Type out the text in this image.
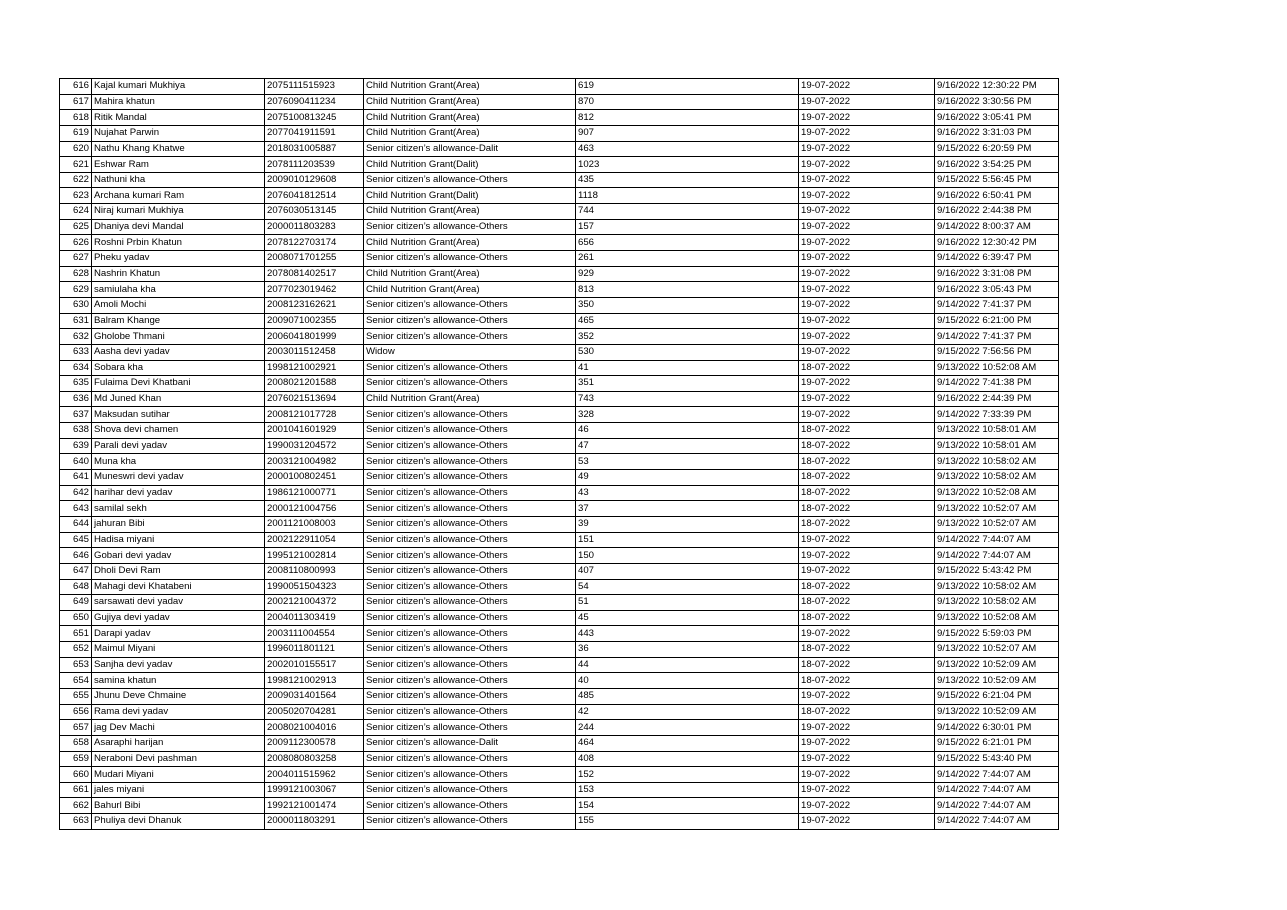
616	Kajal kumari Mukhiya	2075111515923	Child Nutrition Grant(Area)	619	19-07-2022	9/16/2022 12:30:22 PM
617	Mahira khatun	2076090411234	Child Nutrition Grant(Area)	870	19-07-2022	9/16/2022 3:30:56 PM
618	Ritik Mandal	2075100813245	Child Nutrition Grant(Area)	812	19-07-2022	9/16/2022 3:05:41 PM
619	Nujahat Parwin	2077041911591	Child Nutrition Grant(Area)	907	19-07-2022	9/16/2022 3:31:03 PM
620	Nathu Khang Khatwe	2018031005887	Senior citizen’s allowance-Dalit	463	19-07-2022	9/15/2022 6:20:59 PM
621	Eshwar Ram	2078111203539	Child Nutrition Grant(Dalit)	1023	19-07-2022	9/16/2022 3:54:25 PM
622	Nathuni kha	2009010129608	Senior citizen’s allowance-Others	435	19-07-2022	9/15/2022 5:56:45 PM
623	Archana kumari Ram	2076041812514	Child Nutrition Grant(Dalit)	1118	19-07-2022	9/16/2022 6:50:41 PM
624	Niraj kumari Mukhiya	2076030513145	Child Nutrition Grant(Area)	744	19-07-2022	9/16/2022 2:44:38 PM
625	Dhaniya devi Mandal	2000011803283	Senior citizen’s allowance-Others	157	19-07-2022	9/14/2022 8:00:37 AM
626	Roshni Prbin Khatun	2078122703174	Child Nutrition Grant(Area)	656	19-07-2022	9/16/2022 12:30:42 PM
627	Pheku yadav	2008071701255	Senior citizen’s allowance-Others	261	19-07-2022	9/14/2022 6:39:47 PM
628	Nashrin Khatun	2078081402517	Child Nutrition Grant(Area)	929	19-07-2022	9/16/2022 3:31:08 PM
629	samiulaha kha	2077023019462	Child Nutrition Grant(Area)	813	19-07-2022	9/16/2022 3:05:43 PM
630	Amoli Mochi	2008123162621	Senior citizen’s allowance-Others	350	19-07-2022	9/14/2022 7:41:37 PM
631	Balram Khange	2009071002355	Senior citizen’s allowance-Others	465	19-07-2022	9/15/2022 6:21:00 PM
632	Gholobe Thmani	2006041801999	Senior citizen’s allowance-Others	352	19-07-2022	9/14/2022 7:41:37 PM
633	Aasha devi yadav	2003011512458	Widow	530	19-07-2022	9/15/2022 7:56:56 PM
634	Sobara kha	1998121002921	Senior citizen’s allowance-Others	41	18-07-2022	9/13/2022 10:52:08 AM
635	Fulaima Devi Khatbani	2008021201588	Senior citizen’s allowance-Others	351	19-07-2022	9/14/2022 7:41:38 PM
636	Md Juned Khan	2076021513694	Child Nutrition Grant(Area)	743	19-07-2022	9/16/2022 2:44:39 PM
637	Maksudan sutihar	2008121017728	Senior citizen’s allowance-Others	328	19-07-2022	9/14/2022 7:33:39 PM
638	Shova devi chamen	2001041601929	Senior citizen’s allowance-Others	46	18-07-2022	9/13/2022 10:58:01 AM
639	Parali devi yadav	1990031204572	Senior citizen’s allowance-Others	47	18-07-2022	9/13/2022 10:58:01 AM
640	Muna kha	2003121004982	Senior citizen’s allowance-Others	53	18-07-2022	9/13/2022 10:58:02 AM
641	Muneswri devi yadav	2000100802451	Senior citizen’s allowance-Others	49	18-07-2022	9/13/2022 10:58:02 AM
642	harihar devi yadav	1986121000771	Senior citizen’s allowance-Others	43	18-07-2022	9/13/2022 10:52:08 AM
643	samilal sekh	2000121004756	Senior citizen’s allowance-Others	37	18-07-2022	9/13/2022 10:52:07 AM
644	jahuran Bibi	2001121008003	Senior citizen’s allowance-Others	39	18-07-2022	9/13/2022 10:52:07 AM
645	Hadisa miyani	2002122911054	Senior citizen’s allowance-Others	151	19-07-2022	9/14/2022 7:44:07 AM
646	Gobari devi yadav	1995121002814	Senior citizen’s allowance-Others	150	19-07-2022	9/14/2022 7:44:07 AM
647	Dholi Devi Ram	2008110800993	Senior citizen’s allowance-Others	407	19-07-2022	9/15/2022 5:43:42 PM
648	Mahagi devi Khatabeni	1990051504323	Senior citizen’s allowance-Others	54	18-07-2022	9/13/2022 10:58:02 AM
649	sarsawati devi yadav	2002121004372	Senior citizen’s allowance-Others	51	18-07-2022	9/13/2022 10:58:02 AM
650	Gujiya devi yadav	2004011303419	Senior citizen’s allowance-Others	45	18-07-2022	9/13/2022 10:52:08 AM
651	Darapi yadav	2003111004554	Senior citizen’s allowance-Others	443	19-07-2022	9/15/2022 5:59:03 PM
652	Maimul Miyani	1996011801121	Senior citizen’s allowance-Others	36	18-07-2022	9/13/2022 10:52:07 AM
653	Sanjha devi yadav	2002010155517	Senior citizen’s allowance-Others	44	18-07-2022	9/13/2022 10:52:09 AM
654	samina khatun	1998121002913	Senior citizen’s allowance-Others	40	18-07-2022	9/13/2022 10:52:09 AM
655	Jhunu Deve Chmaine	2009031401564	Senior citizen’s allowance-Others	485	19-07-2022	9/15/2022 6:21:04 PM
656	Rama devi yadav	2005020704281	Senior citizen’s allowance-Others	42	18-07-2022	9/13/2022 10:52:09 AM
657	jag Dev Machi	2008021004016	Senior citizen’s allowance-Others	244	19-07-2022	9/14/2022 6:30:01 PM
658	Asaraphi harijan	2009112300578	Senior citizen’s allowance-Dalit	464	19-07-2022	9/15/2022 6:21:01 PM
659	Neraboni Devi pashman	2008080803258	Senior citizen’s allowance-Others	408	19-07-2022	9/15/2022 5:43:40 PM
660	Mudari Miyani	2004011515962	Senior citizen’s allowance-Others	152	19-07-2022	9/14/2022 7:44:07 AM
661	jales miyani	1999121003067	Senior citizen’s allowance-Others	153	19-07-2022	9/14/2022 7:44:07 AM
662	Bahurl Bibi	1992121001474	Senior citizen’s allowance-Others	154	19-07-2022	9/14/2022 7:44:07 AM
663	Phuliya devi Dhanuk	2000011803291	Senior citizen’s allowance-Others	155	19-07-2022	9/14/2022 7:44:07 AM
